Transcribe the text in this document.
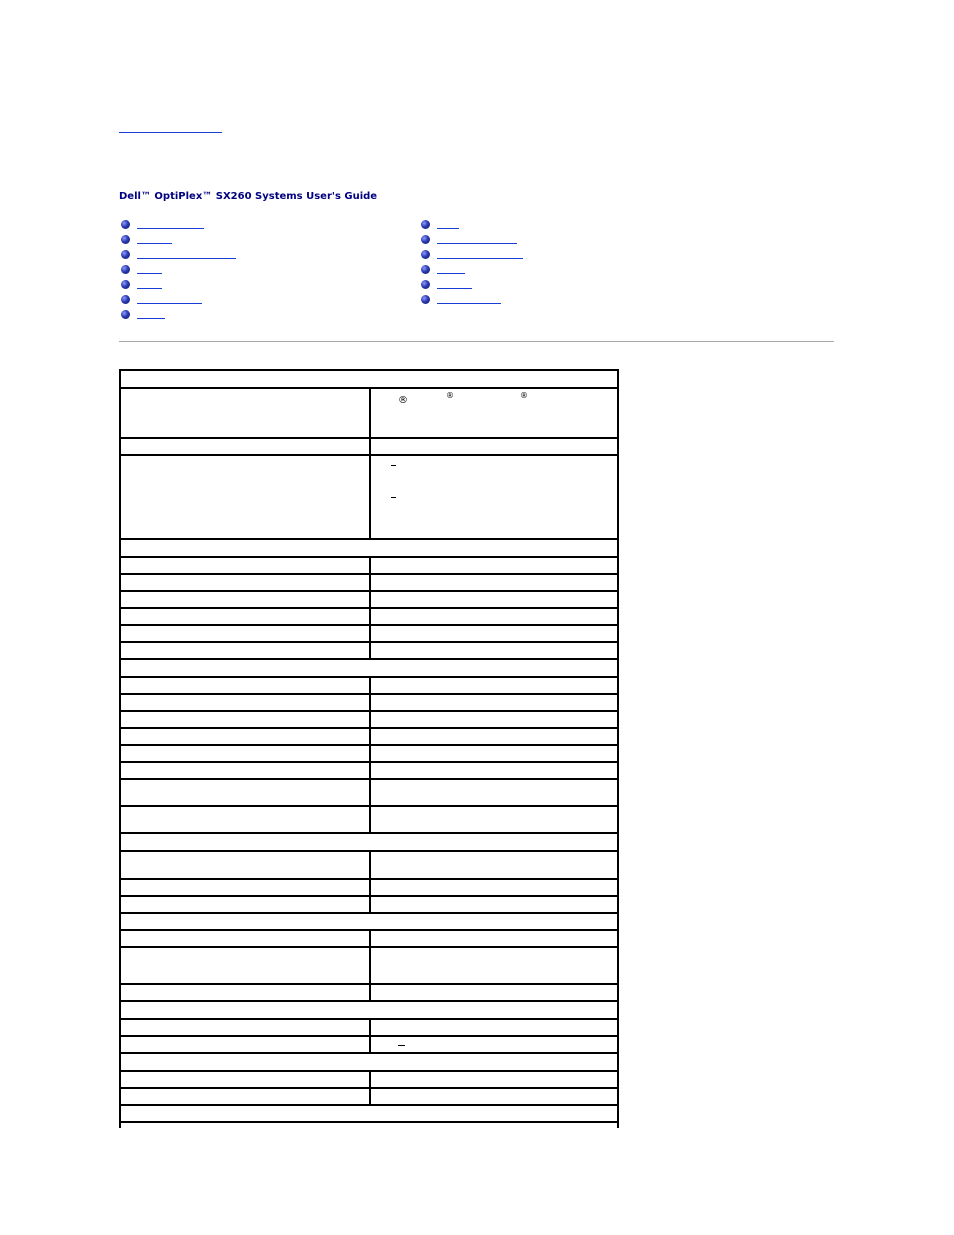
Dell™ OptiPlex™ SX260 Systems User's Guide
®	®	®
